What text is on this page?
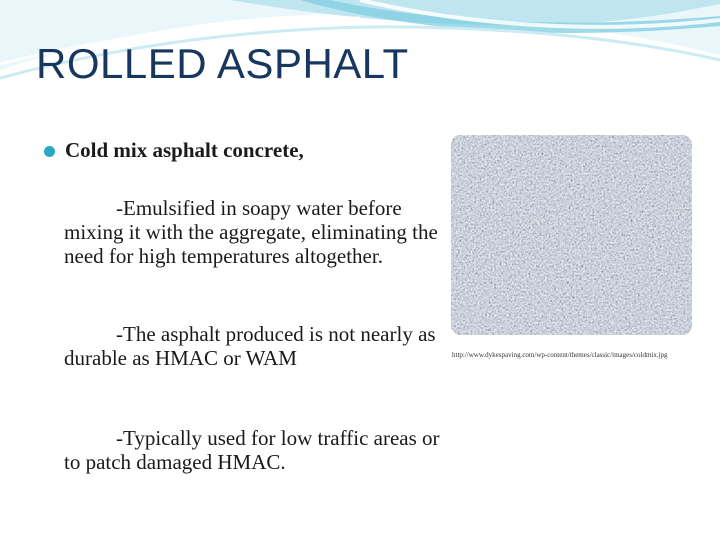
ROLLED ASPHALT
Cold mix asphalt concrete,

-Emulsified in soapy water before mixing it with the aggregate, eliminating the need for high temperatures altogether.

-The asphalt produced is not nearly as durable as HMAC or WAM

-Typically used for low traffic areas or to patch damaged HMAC.

http://www.dykespaving.com/wp-content/themes/classic/images/coldmix.jpg
